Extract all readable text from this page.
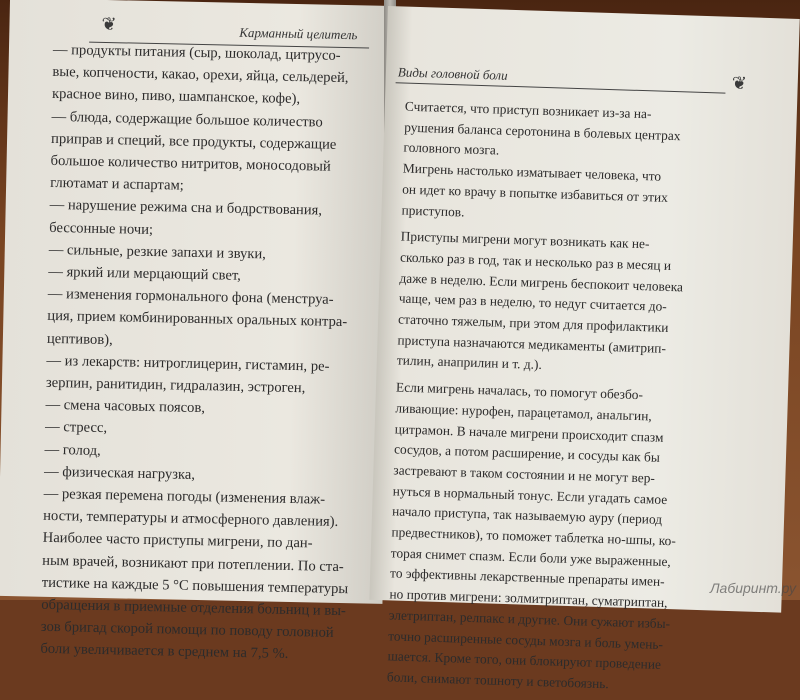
❦	Карманный целитель
— продукты питания (сыр, шоколад, цитрусо-
вые, копчености, какао, орехи, яйца, сельдерей,
красное вино, пиво, шампанское, кофе),
— блюда, содержащие большое количество
приправ и специй, все продукты, содержащие
большое количество нитритов, моносодовый
глютамат и аспартам;
— нарушение режима сна и бодрствования,
бессонные ночи;
— сильные, резкие запахи и звуки,
— яркий или мерцающий свет,
— изменения гормонального фона (менструа-
ция, прием комбинированных оральных контра-
цептивов),
— из лекарств: нитроглицерин, гистамин, ре-
зерпин, ранитидин, гидралазин, эстроген,
— смена часовых поясов,
— стресс,
— голод,
— физическая нагрузка,
— резкая перемена погоды (изменения влаж-
ности, температуры и атмосферного давления).
Наиболее часто приступы мигрени, по дан-
ным врачей, возникают при потеплении. По ста-
тистике на каждые 5 °С повышения температуры
обращения в приемные отделения больниц и вы-
зов бригад скорой помощи по поводу головной
боли увеличивается в среднем на 7,5 %.
Виды головной боли	❦
Считается, что приступ возникает из-за на-
рушения баланса серотонина в болевых центрах
головного мозга.
Мигрень настолько изматывает человека, что
он идет ко врачу в попытке избавиться от этих
приступов.
Приступы мигрени могут возникать как не-
сколько раз в год, так и несколько раз в месяц и
даже в неделю. Если мигрень беспокоит человека
чаще, чем раз в неделю, то недуг считается до-
статочно тяжелым, при этом для профилактики
приступа назначаются медикаменты (амитрип-
тилин, анаприлин и т. д.).
Если мигрень началась, то помогут обезбо-
ливающие: нурофен, парацетамол, анальгин,
цитрамон. В начале мигрени происходит спазм
сосудов, а потом расширение, и сосуды как бы
застревают в таком состоянии и не могут вер-
нуться в нормальный тонус. Если угадать самое
начало приступа, так называемую ауру (период
предвестников), то поможет таблетка но-шпы, ко-
торая снимет спазм. Если боли уже выраженные,
то эффективны лекарственные препараты имен-
но против мигрени: золмитриптан, суматриптан,
элетриптан, релпакс и другие. Они сужают избы-
точно расширенные сосуды мозга и боль умень-
шается. Кроме того, они блокируют проведение
боли, снимают тошноту и светобоязнь.
Лабиринт.ру
